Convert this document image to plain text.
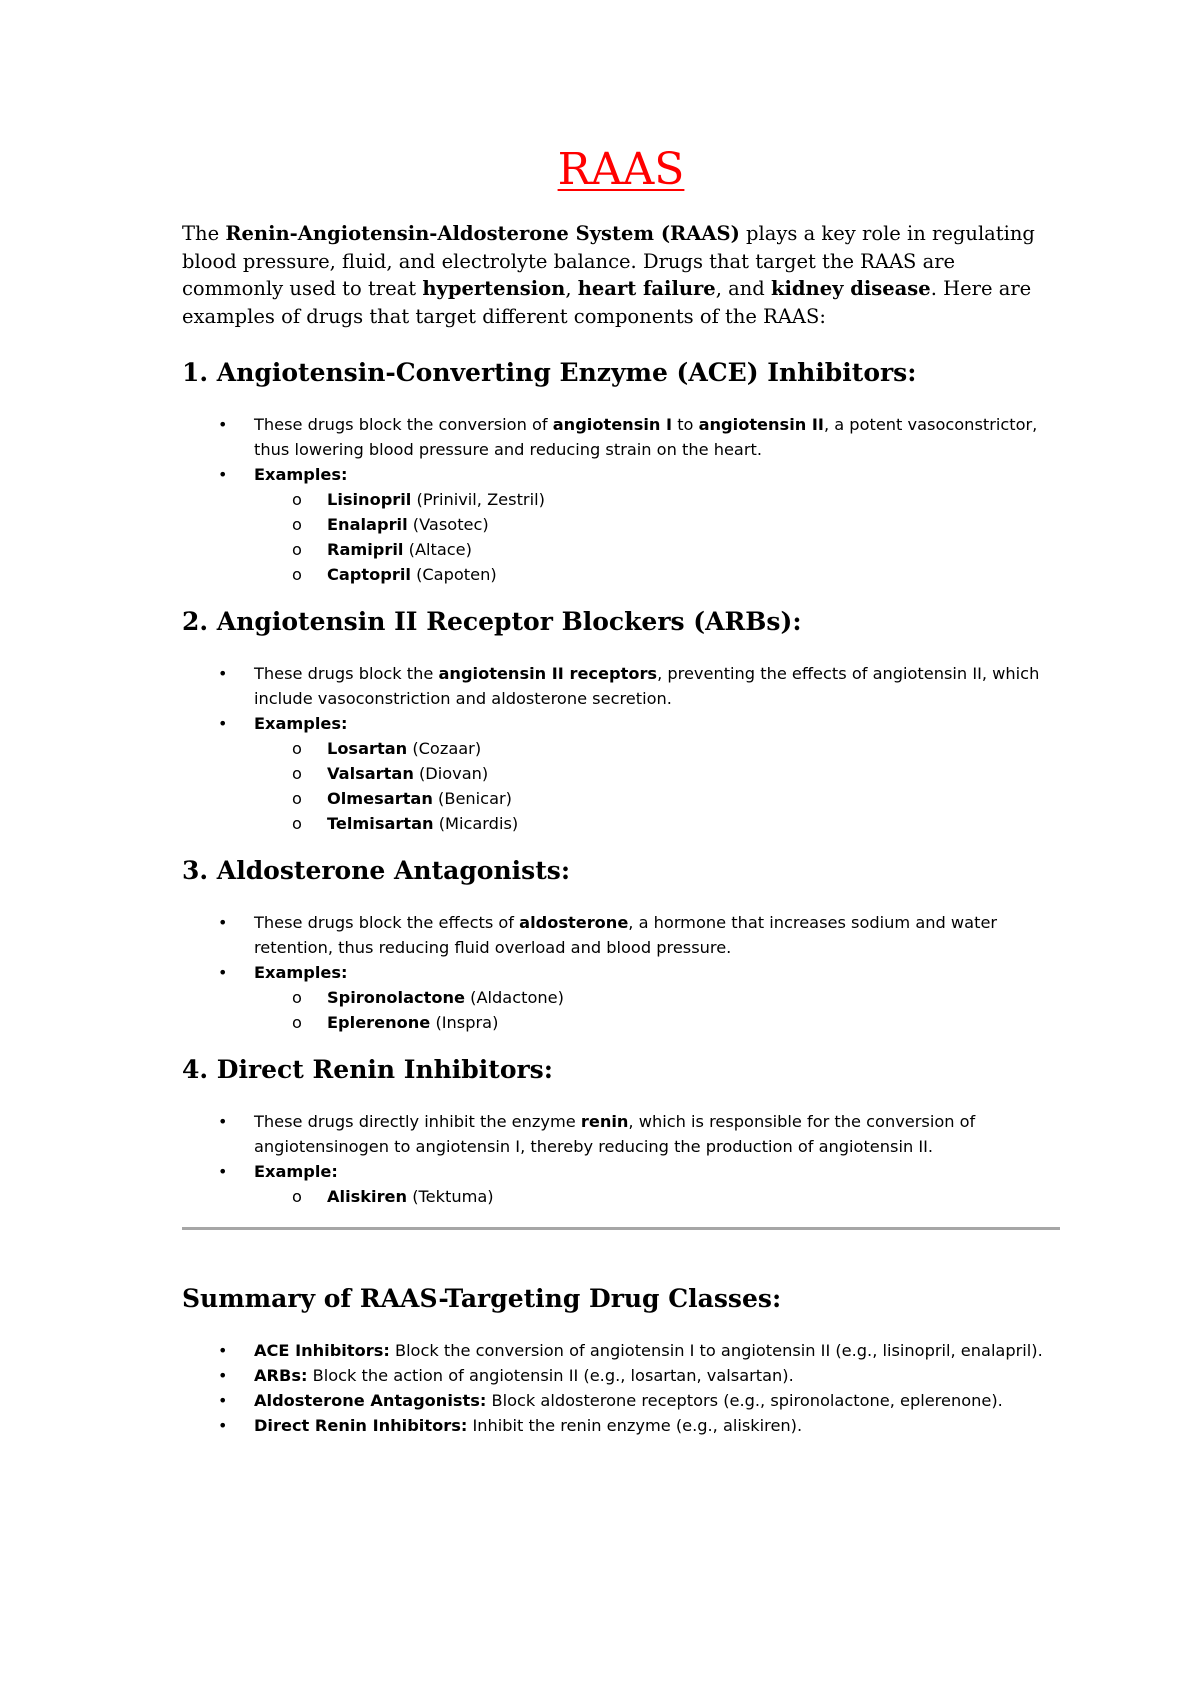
RAAS

The Renin-Angiotensin-Aldosterone System (RAAS) plays a key role in regulating blood pressure, fluid, and electrolyte balance. Drugs that target the RAAS are commonly used to treat hypertension, heart failure, and kidney disease. Here are examples of drugs that target different components of the RAAS:

1. Angiotensin-Converting Enzyme (ACE) Inhibitors:
• These drugs block the conversion of angiotensin I to angiotensin II, a potent vasoconstrictor, thus lowering blood pressure and reducing strain on the heart.
• Examples:
o Lisinopril (Prinivil, Zestril)
o Enalapril (Vasotec)
o Ramipril (Altace)
o Captopril (Capoten)
2. Angiotensin II Receptor Blockers (ARBs):
• These drugs block the angiotensin II receptors, preventing the effects of angiotensin II, which include vasoconstriction and aldosterone secretion.
• Examples:
o Losartan (Cozaar)
o Valsartan (Diovan)
o Olmesartan (Benicar)
o Telmisartan (Micardis)
3. Aldosterone Antagonists:
• These drugs block the effects of aldosterone, a hormone that increases sodium and water retention, thus reducing fluid overload and blood pressure.
• Examples:
o Spironolactone (Aldactone)
o Eplerenone (Inspra)
4. Direct Renin Inhibitors:
• These drugs directly inhibit the enzyme renin, which is responsible for the conversion of angiotensinogen to angiotensin I, thereby reducing the production of angiotensin II.
• Example:
o Aliskiren (Tektuma)
Summary of RAAS-Targeting Drug Classes:
• ACE Inhibitors: Block the conversion of angiotensin I to angiotensin II (e.g., lisinopril, enalapril).
• ARBs: Block the action of angiotensin II (e.g., losartan, valsartan).
• Aldosterone Antagonists: Block aldosterone receptors (e.g., spironolactone, eplerenone).
• Direct Renin Inhibitors: Inhibit the renin enzyme (e.g., aliskiren).
